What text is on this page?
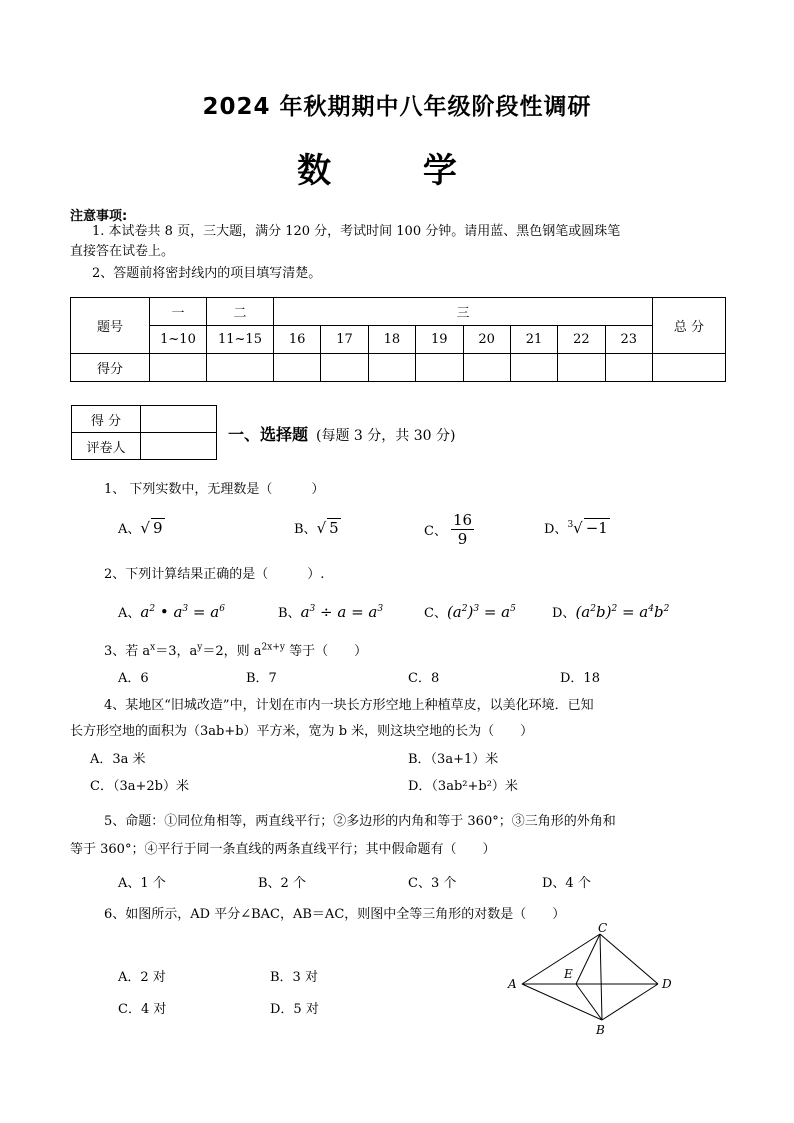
2024 年秋期期中八年级阶段性调研
数 学
注意事项:
1. 本试卷共 8 页，三大题，满分 120 分，考试时间 100 分钟。请用蓝、黑色钢笔或圆珠笔
直接答在试卷上。
2、答题前将密封线内的项目填写清楚。
题号	一	二	三								总 分
	1~10	11~15	16	17	18	19	20	21	22	23	
得分											
得 分	
评卷人	
一、选择题 (每题 3 分，共 30 分)
1、 下列实数中，无理数是（　　　）
A、√ 9	B、√ 5	C、 $\frac{16}{9}$	D、$^3$√ −1
2、下列计算结果正确的是（　　　）.
A、$a^2$ • $a^3 = a^6$	B、$a^3 \div a = a^3$	C、$(a^2)^3 = a^5$	D、$(a^2b)^2 = a^4b^2$
3、若 $a^x=3$，$a^y=2$，则 $a^{2x+y}$ 等于（　　）
A．6	B．7	C．8	D．18
4、某地区“旧城改造”中，计划在市内一块长方形空地上种植草皮，以美化环境．已知
长方形空地的面积为（3ab+b）平方米，宽为 b 米，则这块空地的长为（　　）
A．3a 米	B．（3a+1）米
C．（3a+2b）米	D．（3ab²+b²）米
5、命题：①同位角相等，两直线平行；②多边形的内角和等于 360°；③三角形的外角和
等于 360°；④平行于同一条直线的两条直线平行；其中假命题有（　　）
A、1 个	B、2 个	C、3 个	D、4 个
6、如图所示，AD 平分∠BAC，AB＝AC，则图中全等三角形的对数是（　　）
A．2 对	B．3 对
C．4 对	D．5 对
A
C
E
D
B
